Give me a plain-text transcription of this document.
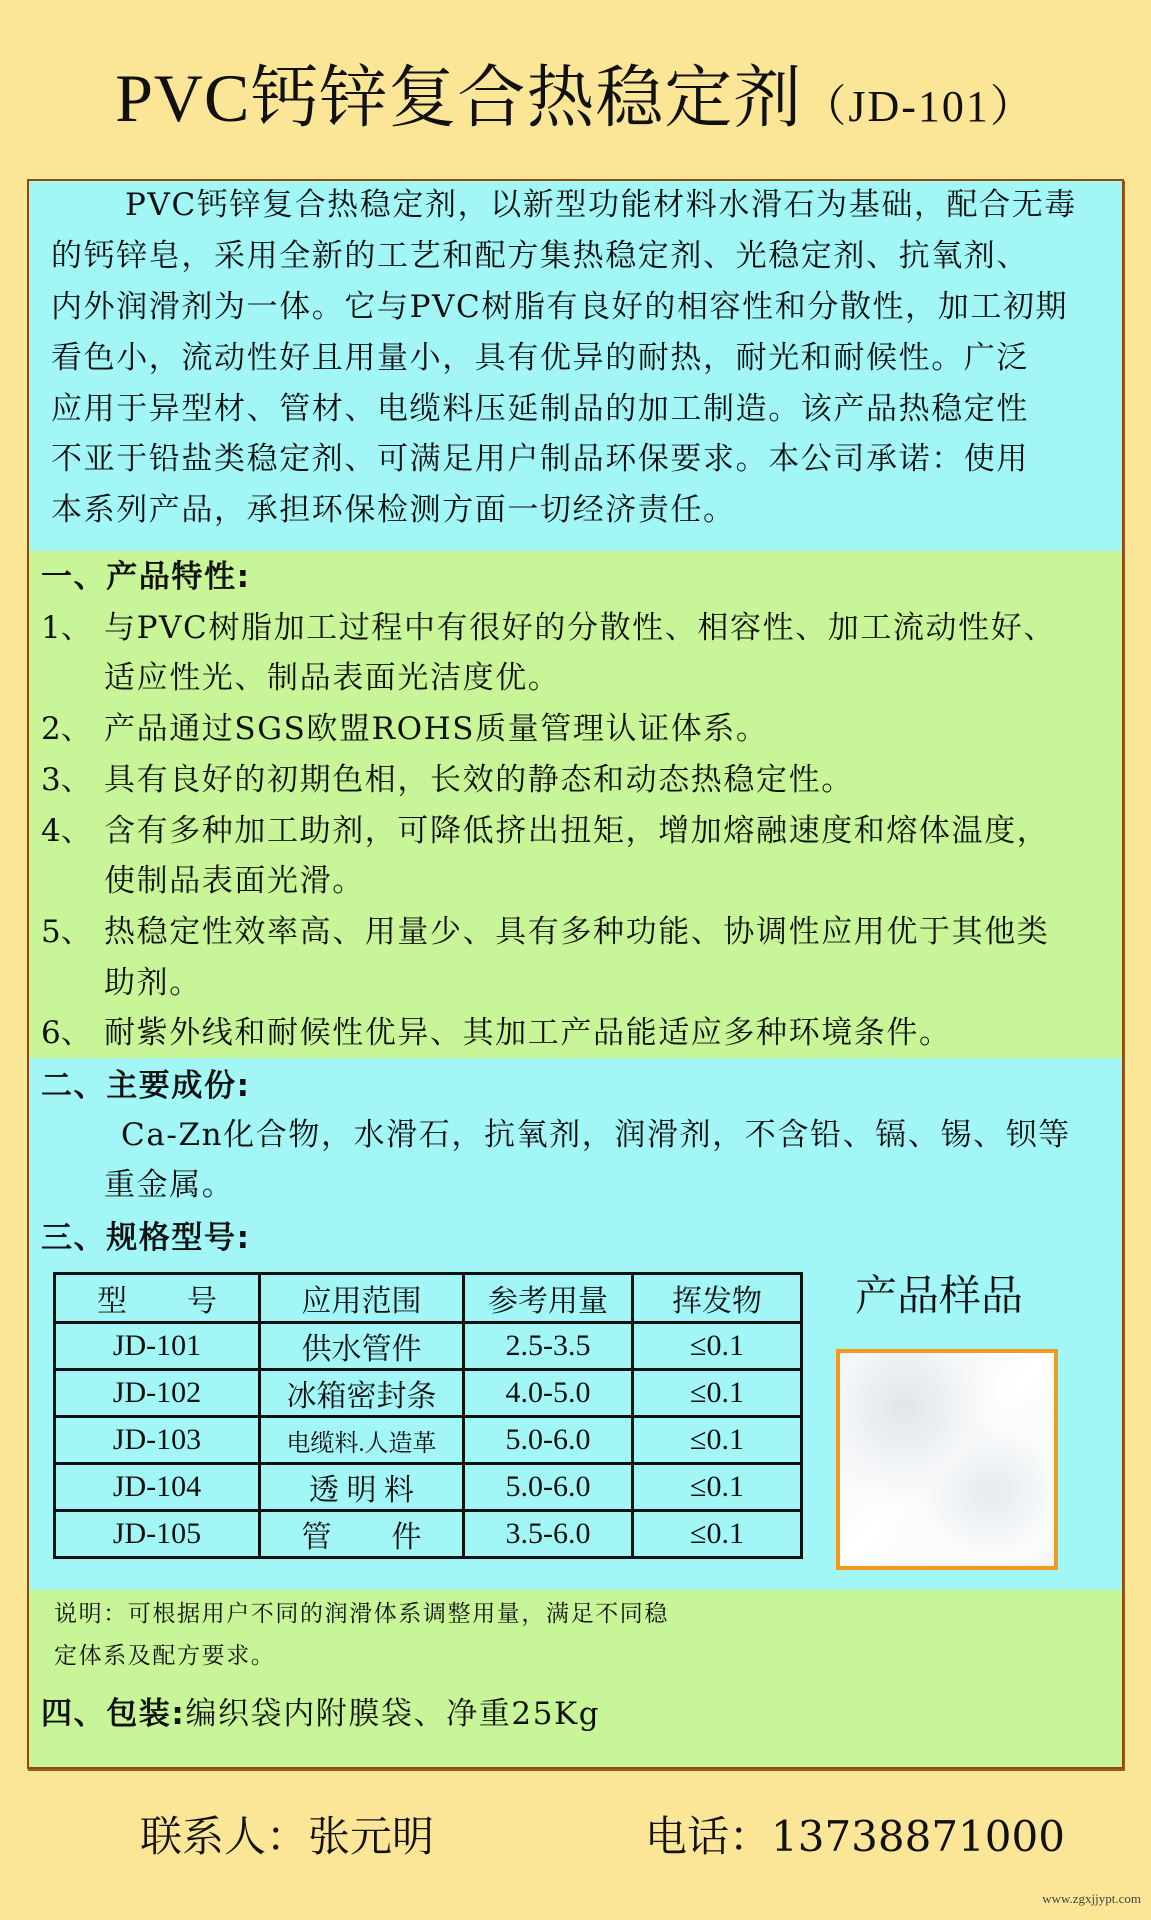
PVC钙锌复合热稳定剂（JD-101）
PVC钙锌复合热稳定剂，以新型功能材料水滑石为基础，配合无毒
的钙锌皂，采用全新的工艺和配方集热稳定剂、光稳定剂、抗氧剂、
内外润滑剂为一体。它与PVC树脂有良好的相容性和分散性，加工初期
看色小，流动性好且用量小，具有优异的耐热，耐光和耐候性。广泛
应用于异型材、管材、电缆料压延制品的加工制造。该产品热稳定性
不亚于铅盐类稳定剂、可满足用户制品环保要求。本公司承诺：使用
本系列产品，承担环保检测方面一切经济责任。
一、产品特性:
1、 与PVC树脂加工过程中有很好的分散性、相容性、加工流动性好、
适应性光、制品表面光洁度优。
2、 产品通过SGS欧盟ROHS质量管理认证体系。
3、 具有良好的初期色相，长效的静态和动态热稳定性。
4、 含有多种加工助剂，可降低挤出扭矩，增加熔融速度和熔体温度，
使制品表面光滑。
5、 热稳定性效率高、用量少、具有多种功能、协调性应用优于其他类
助剂。
6、 耐紫外线和耐候性优异、其加工产品能适应多种环境条件。
二、主要成份:
Ca-Zn化合物，水滑石，抗氧剂，润滑剂，不含铅、镉、锡、钡等
重金属。
三、规格型号:
型　　号	应用范围	参考用量	挥发物
JD-101	供水管件	2.5-3.5	≤0.1
JD-102	冰箱密封条	4.0-5.0	≤0.1
JD-103	电缆料.人造革	5.0-6.0	≤0.1
JD-104	透 明 料	5.0-6.0	≤0.1
JD-105	管　　件	3.5-6.0	≤0.1
产品样品
说明：可根据用户不同的润滑体系调整用量，满足不同稳
定体系及配方要求。
四、包装:编织袋内附膜袋、净重25Kg
联系人：张元明	电话：13738871000
www.zgxjjypt.com
